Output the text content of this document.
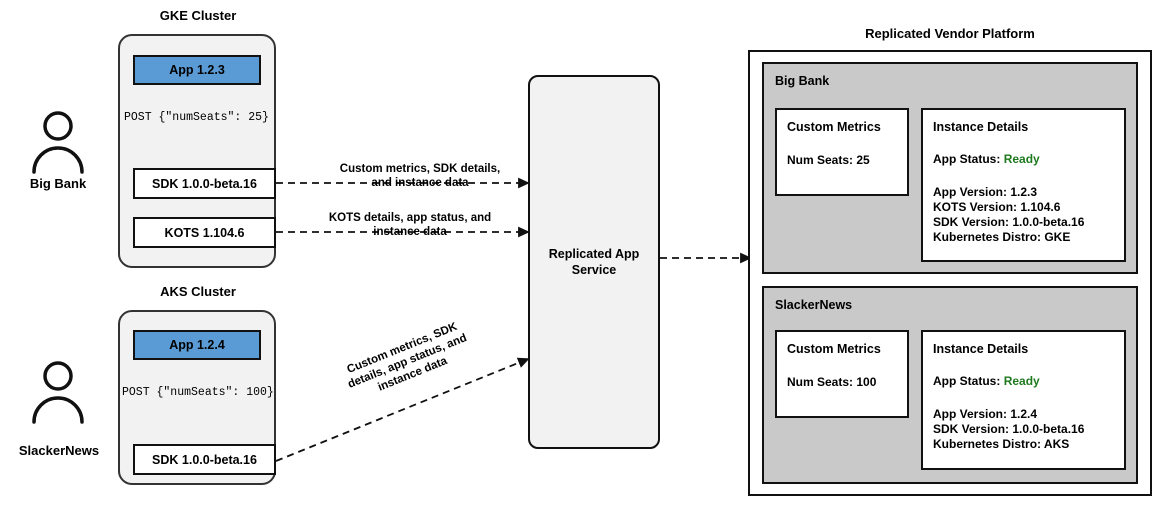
GKE Cluster
App 1.2.3
POST {"numSeats": 25}
SDK 1.0.0-beta.16
KOTS 1.104.6
Big Bank
AKS Cluster
App 1.2.4
POST {"numSeats": 100}
SDK 1.0.0-beta.16
SlackerNews
Custom metrics, SDK details, and instance data
KOTS details, app status, and instance data
Custom metrics, SDK details, app status, and instance data
Replicated App Service
Replicated Vendor Platform
Big Bank
Custom Metrics
Num Seats: 25
Instance Details
App Status: Ready
App Version: 1.2.3
KOTS Version: 1.104.6
SDK Version: 1.0.0-beta.16
Kubernetes Distro: GKE
SlackerNews
Custom Metrics
Num Seats: 100
Instance Details
App Status: Ready
App Version: 1.2.4
SDK Version: 1.0.0-beta.16
Kubernetes Distro: AKS
